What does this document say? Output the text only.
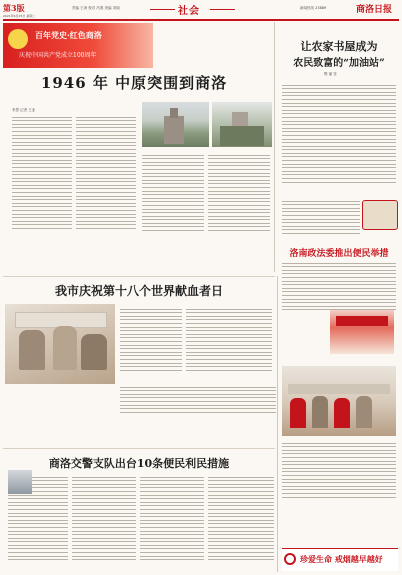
第3版
2021年6月15日 星期二
责编 王涛 校对 冯燕 美编 刘丽	社会	新闻热线 23889	商洛日报
百年党史·红色商洛
庆祝中国共产党成立100周年
1946 年 中原突围到商洛
李思 记者 王亚
让农家书屋成为
农民致富的“加油站”
樊 丽 莹
洛南政法委推出便民举措
我市庆祝第十八个世界献血者日
商洛交警支队出台10条便民利民措施
珍爱生命 戒烟越早越好
